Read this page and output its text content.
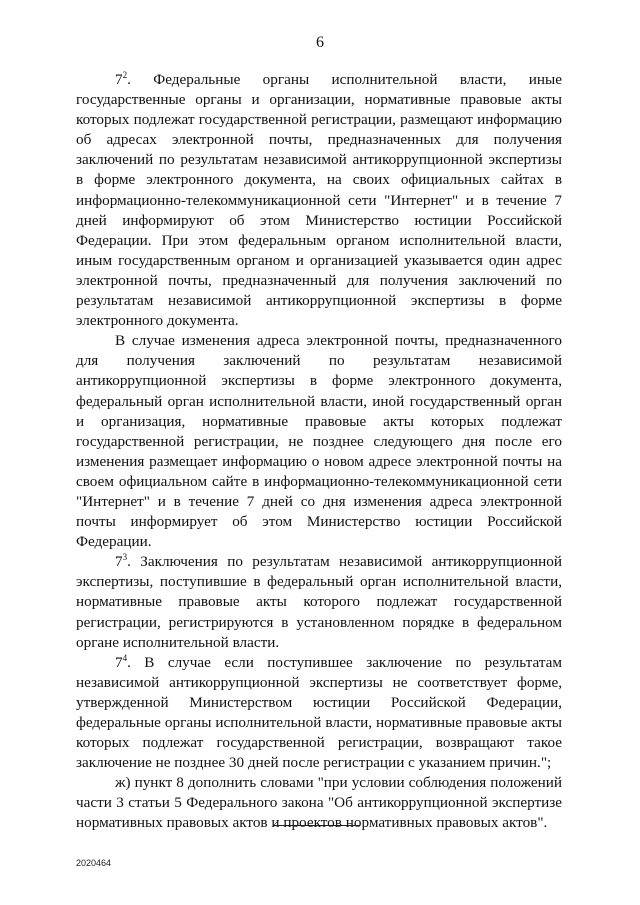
6

$7^2$. Федеральные органы исполнительной власти, иные государственные органы и организации, нормативные правовые акты которых подлежат государственной регистрации, размещают информацию об адресах электронной почты, предназначенных для получения заключений по результатам независимой антикоррупционной экспертизы в форме электронного документа, на своих официальных сайтах в информационно-телекоммуникационной сети "Интернет" и в течение 7 дней информируют об этом Министерство юстиции Российской Федерации. При этом федеральным органом исполнительной власти, иным государственным органом и организацией указывается один адрес электронной почты, предназначенный для получения заключений по результатам независимой антикоррупционной экспертизы в форме электронного документа.

В случае изменения адреса электронной почты, предназначенного для получения заключений по результатам независимой антикоррупционной экспертизы в форме электронного документа, федеральный орган исполнительной власти, иной государственный орган и организация, нормативные правовые акты которых подлежат государственной регистрации, не позднее следующего дня после его изменения размещает информацию о новом адресе электронной почты на своем официальном сайте в информационно-телекоммуникационной сети "Интернет" и в течение 7 дней со дня изменения адреса электронной почты информирует об этом Министерство юстиции Российской Федерации.

$7^3$. Заключения по результатам независимой антикоррупционной экспертизы, поступившие в федеральный орган исполнительной власти, нормативные правовые акты которого подлежат государственной регистрации, регистрируются в установленном порядке в федеральном органе исполнительной власти.

$7^4$. В случае если поступившее заключение по результатам независимой антикоррупционной экспертизы не соответствует форме, утвержденной Министерством юстиции Российской Федерации, федеральные органы исполнительной власти, нормативные правовые акты которых подлежат государственной регистрации, возвращают такое заключение не позднее 30 дней после регистрации с указанием причин.";

ж) пункт 8 дополнить словами "при условии соблюдения положений части 3 статьи 5 Федерального закона "Об антикоррупционной экспертизе нормативных правовых актов и проектов нормативных правовых актов".

2020464
